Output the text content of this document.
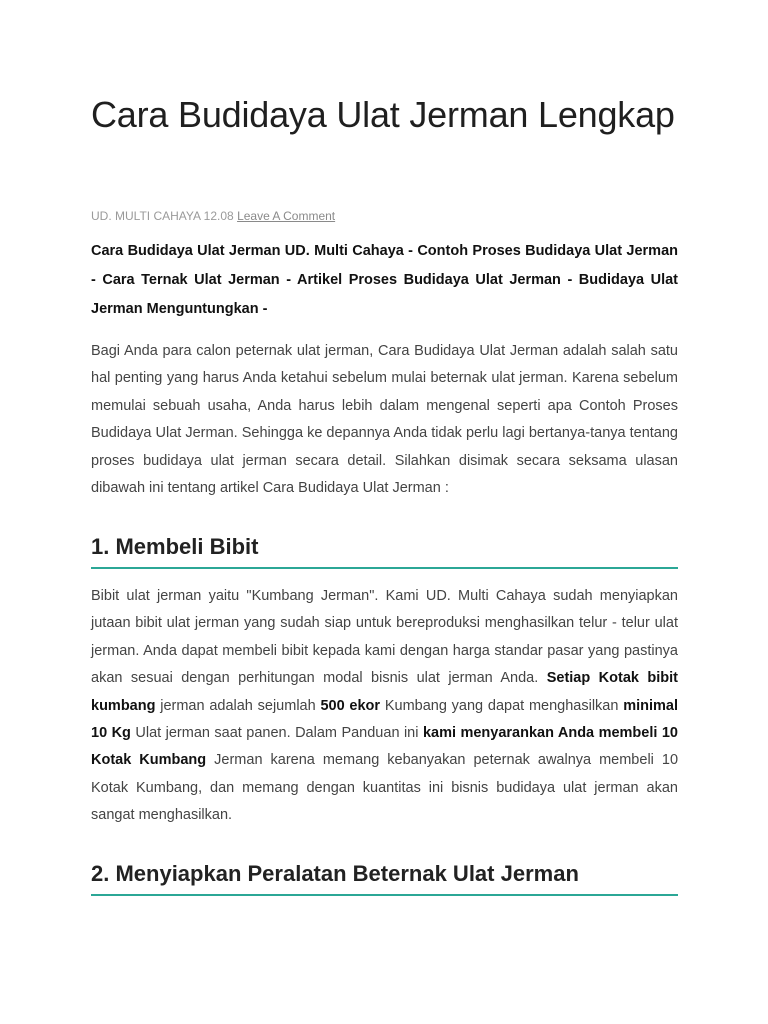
Cara Budidaya Ulat Jerman Lengkap
UD. MULTI CAHAYA 12.08 Leave A Comment

Cara Budidaya Ulat Jerman UD. Multi Cahaya - Contoh Proses Budidaya Ulat Jerman - Cara Ternak Ulat Jerman - Artikel Proses Budidaya Ulat Jerman - Budidaya Ulat Jerman Menguntungkan -

Bagi Anda para calon peternak ulat jerman, Cara Budidaya Ulat Jerman adalah salah satu hal penting yang harus Anda ketahui sebelum mulai beternak ulat jerman. Karena sebelum memulai sebuah usaha, Anda harus lebih dalam mengenal seperti apa Contoh Proses Budidaya Ulat Jerman. Sehingga ke depannya Anda tidak perlu lagi bertanya-tanya tentang proses budidaya ulat jerman secara detail. Silahkan disimak secara seksama ulasan dibawah ini tentang artikel Cara Budidaya Ulat Jerman :

1. Membeli Bibit

Bibit ulat jerman yaitu "Kumbang Jerman". Kami UD. Multi Cahaya sudah menyiapkan jutaan bibit ulat jerman yang sudah siap untuk bereproduksi menghasilkan telur - telur ulat jerman. Anda dapat membeli bibit kepada kami dengan harga standar pasar yang pastinya akan sesuai dengan perhitungan modal bisnis ulat jerman Anda. Setiap Kotak bibit kumbang jerman adalah sejumlah 500 ekor Kumbang yang dapat menghasilkan minimal 10 Kg Ulat jerman saat panen. Dalam Panduan ini kami menyarankan Anda membeli 10 Kotak Kumbang Jerman karena memang kebanyakan peternak awalnya membeli 10 Kotak Kumbang, dan memang dengan kuantitas ini bisnis budidaya ulat jerman akan sangat menghasilkan.

2. Menyiapkan Peralatan Beternak Ulat Jerman
